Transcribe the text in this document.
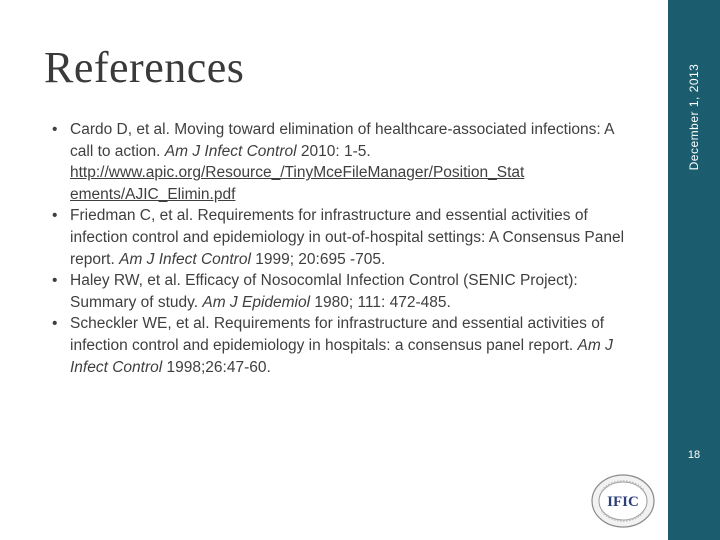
References
• Cardo D, et al. Moving toward elimination of healthcare-associated infections: A call to action. Am J Infect Control 2010: 1-5. http://www.apic.org/Resource_/TinyMceFileManager/Position_Stat ements/AJIC_Elimin.pdf
• Friedman C, et al. Requirements for infrastructure and essential activities of infection control and epidemiology in out-of-hospital settings: A Consensus Panel report. Am J Infect Control 1999; 20:695 -705.
• Haley RW, et al. Efficacy of Nosocomlal Infection Control (SENIC Project): Summary of study. Am J Epidemiol 1980; 111: 472-485.
• Scheckler WE, et al. Requirements for infrastructure and essential activities of infection control and epidemiology in hospitals: a consensus panel report. Am J Infect Control 1998;26:47-60.
December 1, 2013
18
IFIC
